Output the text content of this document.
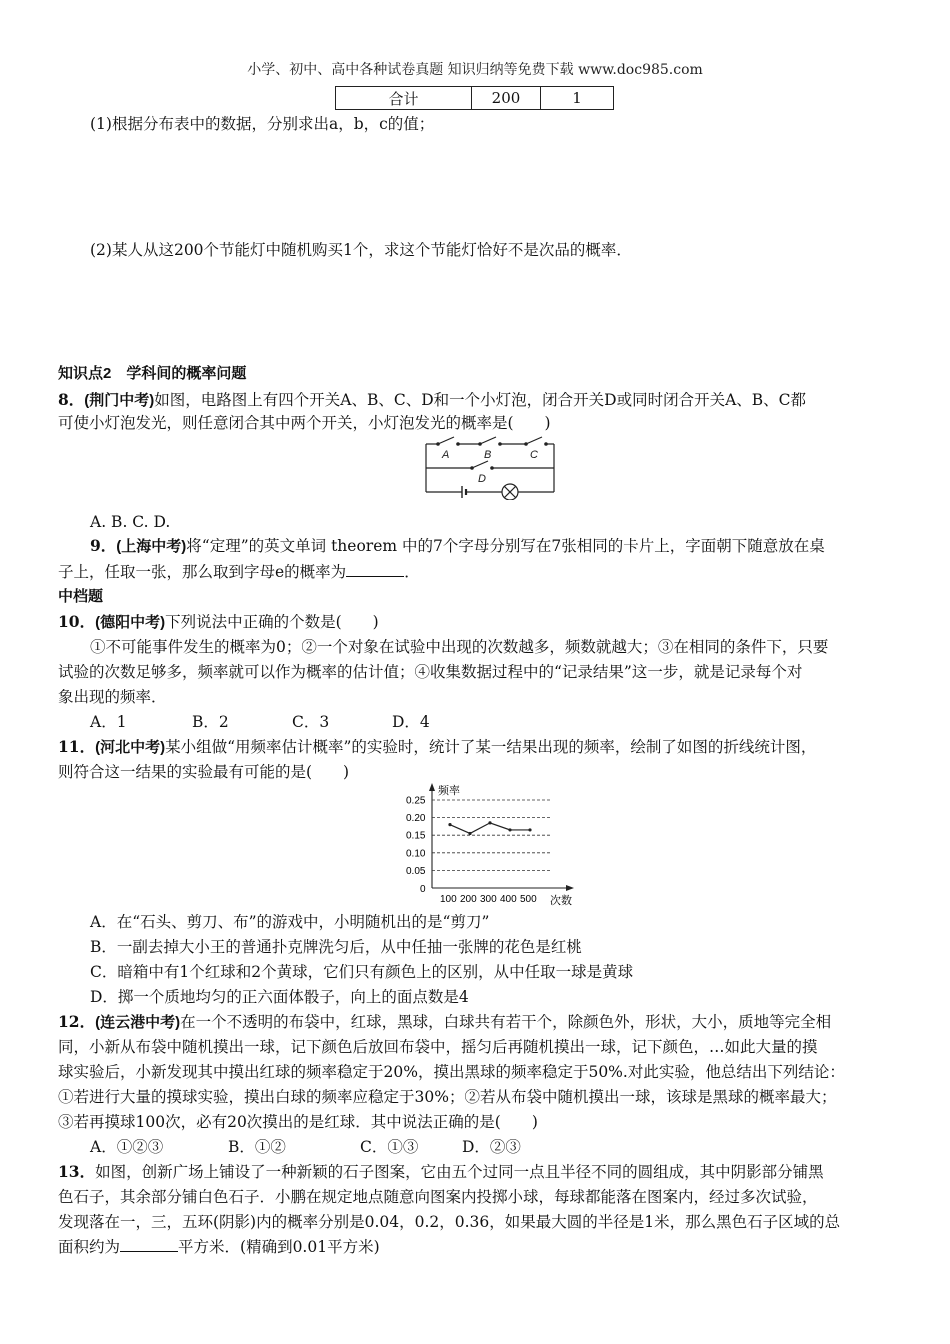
小学、初中、高中各种试卷真题 知识归纳等免费下载 www.doc985.com
合计	200	1
(1)根据分布表中的数据，分别求出a，b，c的值；
(2)某人从这200个节能灯中随机购买1个，求这个节能灯恰好不是次品的概率．
知识点2　学科间的概率问题
8．(荆门中考)如图，电路图上有四个开关A、B、C、D和一个小灯泡，闭合开关D或同时闭合开关A、B、C都
可使小灯泡发光，则任意闭合其中两个开关，小灯泡发光的概率是(　　)
A	B	C
D
A. B. C. D.
9．(上海中考)将“定理”的英文单词 theorem 中的7个字母分别写在7张相同的卡片上，字面朝下随意放在桌
子上，任取一张，那么取到字母e的概率为	．
中档题
10．(德阳中考)下列说法中正确的个数是(　　)
①不可能事件发生的概率为0；②一个对象在试验中出现的次数越多，频数就越大；③在相同的条件下，只要
试验的次数足够多，频率就可以作为概率的估计值；④收集数据过程中的“记录结果”这一步，就是记录每个对
象出现的频率．
A．1	B．2	C．3	D．4
11．(河北中考)某小组做“用频率估计概率”的实验时，统计了某一结果出现的频率，绘制了如图的折线统计图，
则符合这一结果的实验最有可能的是(　　)
频率
次数
0
0.25
0.20
0.15
0.10
0.05
100 200 300 400 500
A．在“石头、剪刀、布”的游戏中，小明随机出的是“剪刀”
B．一副去掉大小王的普通扑克牌洗匀后，从中任抽一张牌的花色是红桃
C．暗箱中有1个红球和2个黄球，它们只有颜色上的区别，从中任取一球是黄球
D．掷一个质地均匀的正六面体骰子，向上的面点数是4
12．(连云港中考)在一个不透明的布袋中，红球，黑球，白球共有若干个，除颜色外，形状，大小，质地等完全相
同，小新从布袋中随机摸出一球，记下颜色后放回布袋中，摇匀后再随机摸出一球，记下颜色，…如此大量的摸
球实验后，小新发现其中摸出红球的频率稳定于20%，摸出黑球的频率稳定于50%.对此实验，他总结出下列结论：
①若进行大量的摸球实验，摸出白球的频率应稳定于30%；②若从布袋中随机摸出一球，该球是黑球的概率最大；
③若再摸球100次，必有20次摸出的是红球．其中说法正确的是(　　)
A．①②③	B．①②	C．①③	D．②③
13．如图，创新广场上铺设了一种新颖的石子图案，它由五个过同一点且半径不同的圆组成，其中阴影部分铺黑
色石子，其余部分铺白色石子．小鹏在规定地点随意向图案内投掷小球，每球都能落在图案内，经过多次试验，
发现落在一，三，五环(阴影)内的概率分别是0.04，0.2，0.36，如果最大圆的半径是1米，那么黑色石子区域的总
面积约为	平方米．(精确到0.01平方米)
